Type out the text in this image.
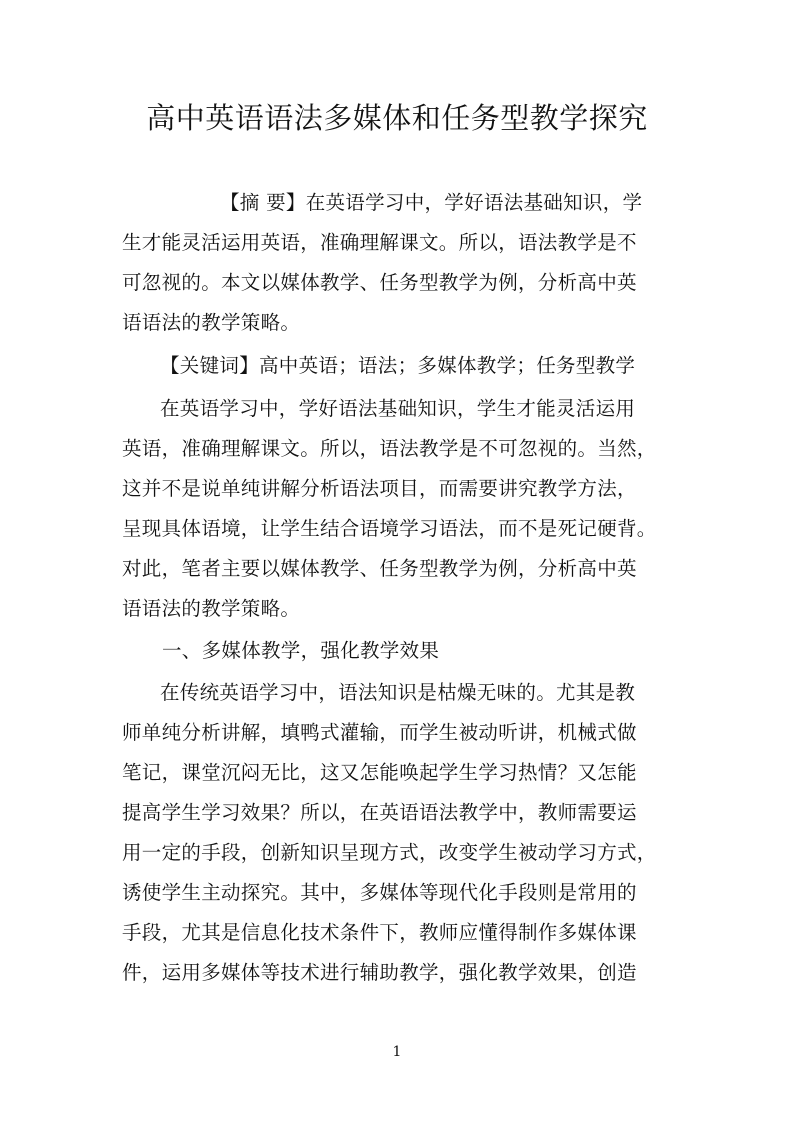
高中英语语法多媒体和任务型教学探究
【摘 要】在英语学习中，学好语法基础知识，学
生才能灵活运用英语，准确理解课文。所以，语法教学是不
可忽视的。本文以媒体教学、任务型教学为例，分析高中英
语语法的教学策略。
【关键词】高中英语；语法；多媒体教学；任务型教学
在英语学习中，学好语法基础知识，学生才能灵活运用
英语，准确理解课文。所以，语法教学是不可忽视的。当然，
这并不是说单纯讲解分析语法项目，而需要讲究教学方法，
呈现具体语境，让学生结合语境学习语法，而不是死记硬背。
对此，笔者主要以媒体教学、任务型教学为例，分析高中英
语语法的教学策略。
一、多媒体教学，强化教学效果
在传统英语学习中，语法知识是枯燥无味的。尤其是教
师单纯分析讲解，填鸭式灌输，而学生被动听讲，机械式做
笔记，课堂沉闷无比，这又怎能唤起学生学习热情？又怎能
提高学生学习效果？所以，在英语语法教学中，教师需要运
用一定的手段，创新知识呈现方式，改变学生被动学习方式，
诱使学生主动探究。其中，多媒体等现代化手段则是常用的
手段，尤其是信息化技术条件下，教师应懂得制作多媒体课
件，运用多媒体等技术进行辅助教学，强化教学效果，创造
1
